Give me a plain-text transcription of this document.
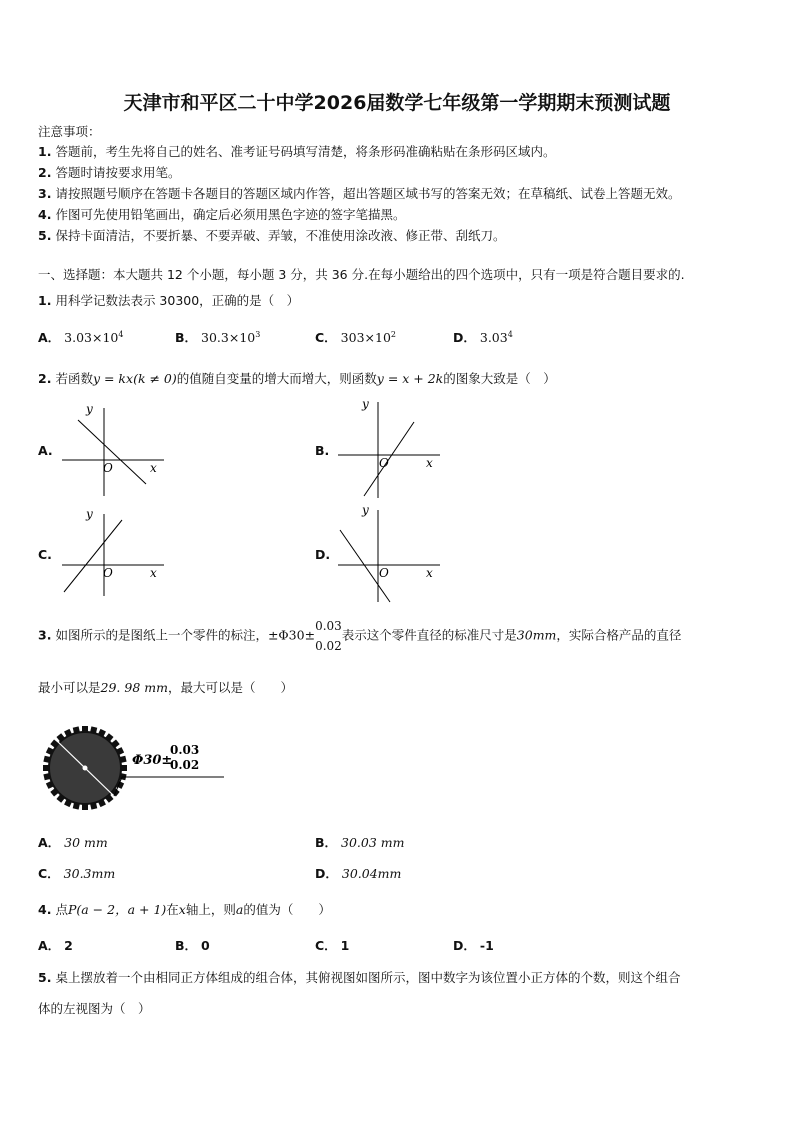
天津市和平区二十中学2026届数学七年级第一学期期末预测试题
注意事项：
1. 答题前，考生先将自己的姓名、准考证号码填写清楚，将条形码准确粘贴在条形码区域内。
2. 答题时请按要求用笔。
3. 请按照题号顺序在答题卡各题目的答题区域内作答，超出答题区域书写的答案无效；在草稿纸、试卷上答题无效。
4. 作图可先使用铅笔画出，确定后必须用黑色字迹的签字笔描黑。
5. 保持卡面清洁，不要折暴、不要弄破、弄皱，不准使用涂改液、修正带、刮纸刀。
一、选择题：本大题共 12 个小题，每小题 3 分，共 36 分.在每小题给出的四个选项中，只有一项是符合题目要求的.
1. 用科学记数法表示 30300，正确的是（　）
A． $3.03\times 10^4$	B． $30.3\times 10^3$	C． $303\times 10^2$	D． 3.03$^4$
2. 若函数y = kx(k ≠ 0)的值随自变量的增大而增大，则函数y = x + 2k的图象大致是（　）
A.
y
x
O
B.
y
x
O
C.
y
x
O
D.
y
x
O
3. 如图所示的是图纸上一个零件的标注，±Φ30±0.03
0.02表示这个零件直径的标准尺寸是30mm，实际合格产品的直径
最小可以是29. 98 mm，最大可以是（　　）
Φ30±
0.03
0.02
A． 30 mm	B． 30.03 mm
C． 30.3mm	D． 30.04mm
4. 点P(a − 2，a + 1)在x轴上，则a的值为（　　）
A． 2	B． 0	C． 1	D． -1
5. 桌上摆放着一个由相同正方体组成的组合体，其俯视图如图所示，图中数字为该位置小正方体的个数，则这个组合
体的左视图为（　）
